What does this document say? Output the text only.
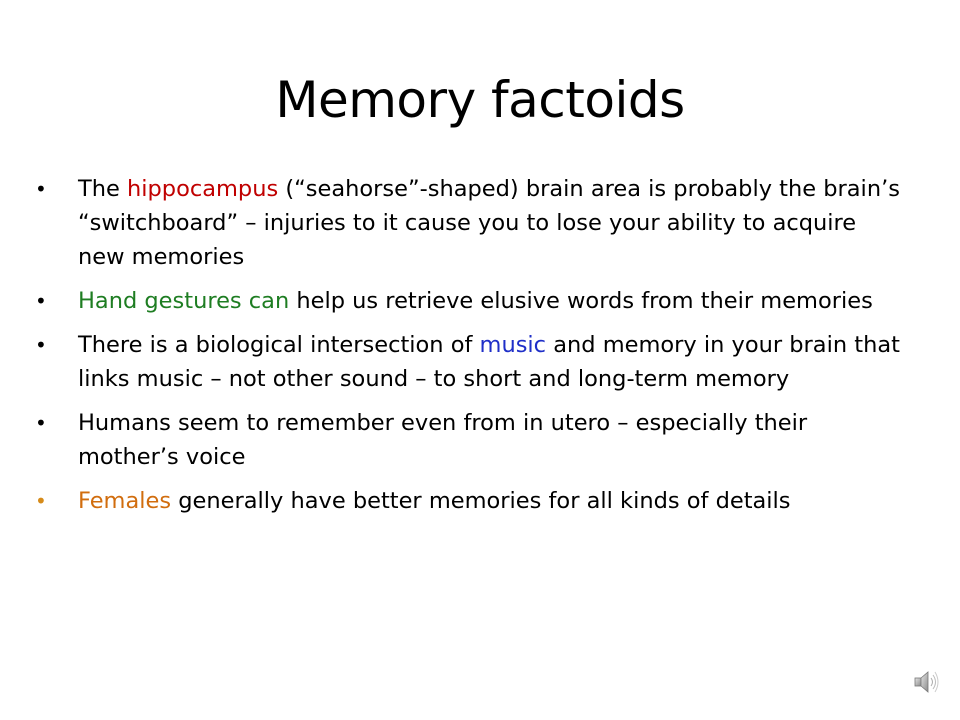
Memory factoids
• The hippocampus (“seahorse”-shaped) brain area is probably the brain’s “switchboard” – injuries to it cause you to lose your ability to acquire new memories
• Hand gestures can help us retrieve elusive words from their memories
• There is a biological intersection of music and memory in your brain that links music – not other sound – to short and long-term memory
• Humans seem to remember even from in utero – especially their mother’s voice
• Females generally have better memories for all kinds of details
